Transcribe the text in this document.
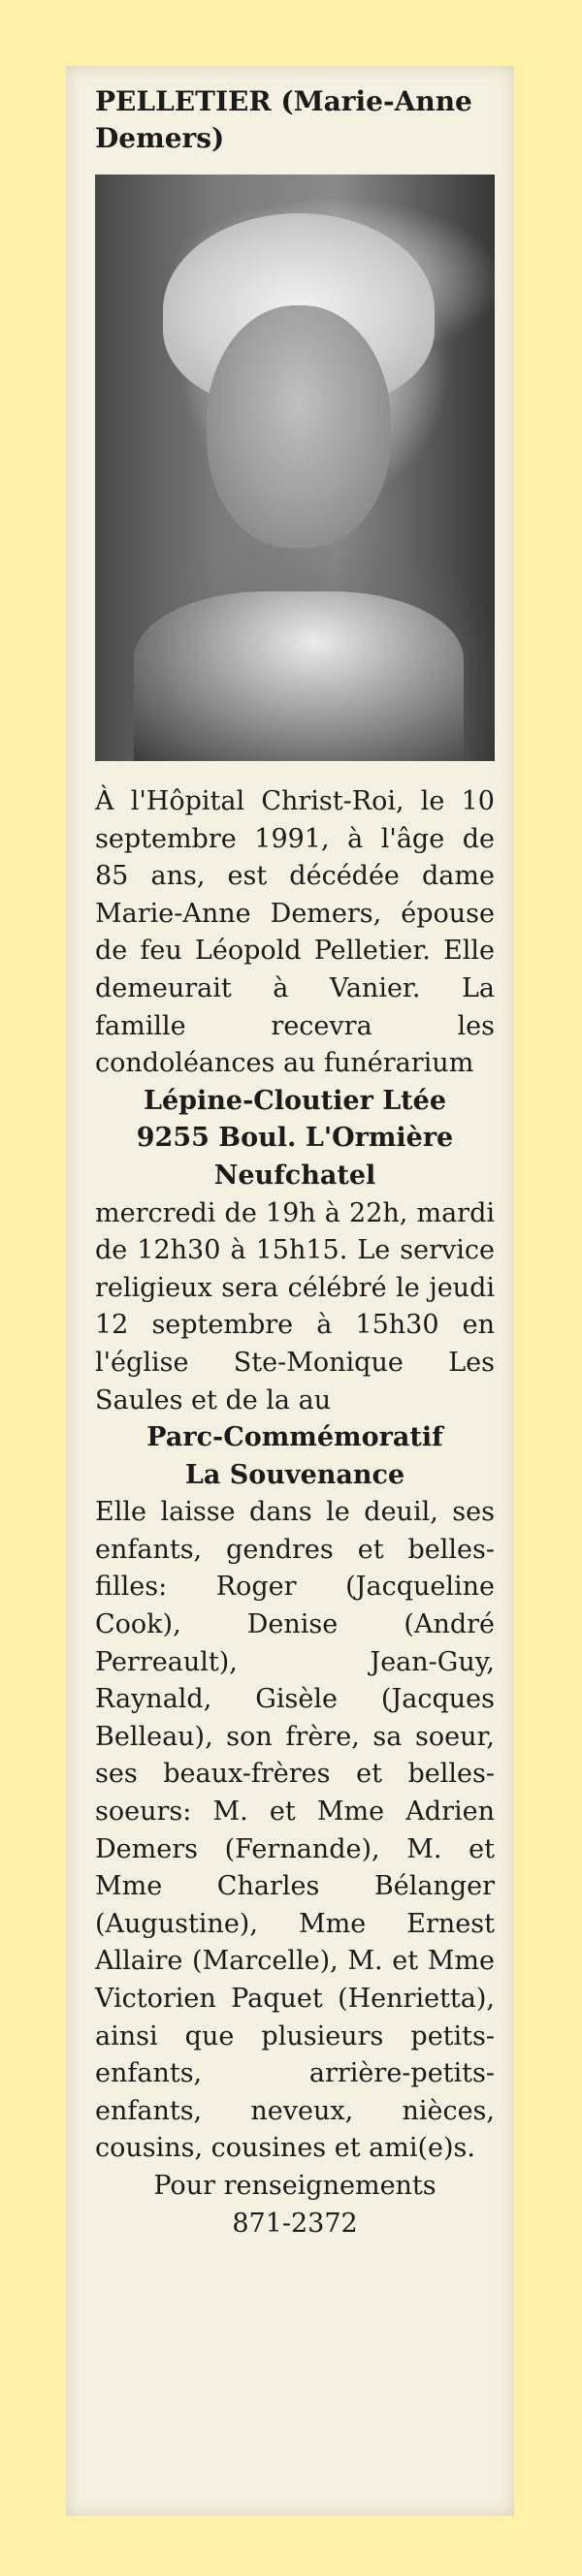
PELLETIER (Marie-Anne Demers)

À l'Hôpital Christ-Roi, le 10 septembre 1991, à l'âge de 85 ans, est décédée dame Marie-Anne Demers, épouse de feu Léopold Pelletier. Elle demeurait à Vanier. La famille recevra les condoléances au funérarium

Lépine-Cloutier Ltée

9255 Boul. L'Ormière

Neufchatel

mercredi de 19h à 22h, mardi de 12h30 à 15h15. Le service religieux sera célébré le jeudi 12 septembre à 15h30 en l'église Ste-Monique Les Saules et de la au

Parc-Commémoratif

La Souvenance

Elle laisse dans le deuil, ses enfants, gendres et belles-filles: Roger (Jacqueline Cook), Denise (André Perreault), Jean-Guy, Raynald, Gisèle (Jacques Belleau), son frère, sa soeur, ses beaux-frères et belles-soeurs: M. et Mme Adrien Demers (Fernande), M. et Mme Charles Bélanger (Augustine), Mme Ernest Allaire (Marcelle), M. et Mme Victorien Paquet (Henrietta), ainsi que plusieurs petits-enfants, arrière-petits-enfants, neveux, nièces, cousins, cousines et ami(e)s.

Pour renseignements

871-2372
